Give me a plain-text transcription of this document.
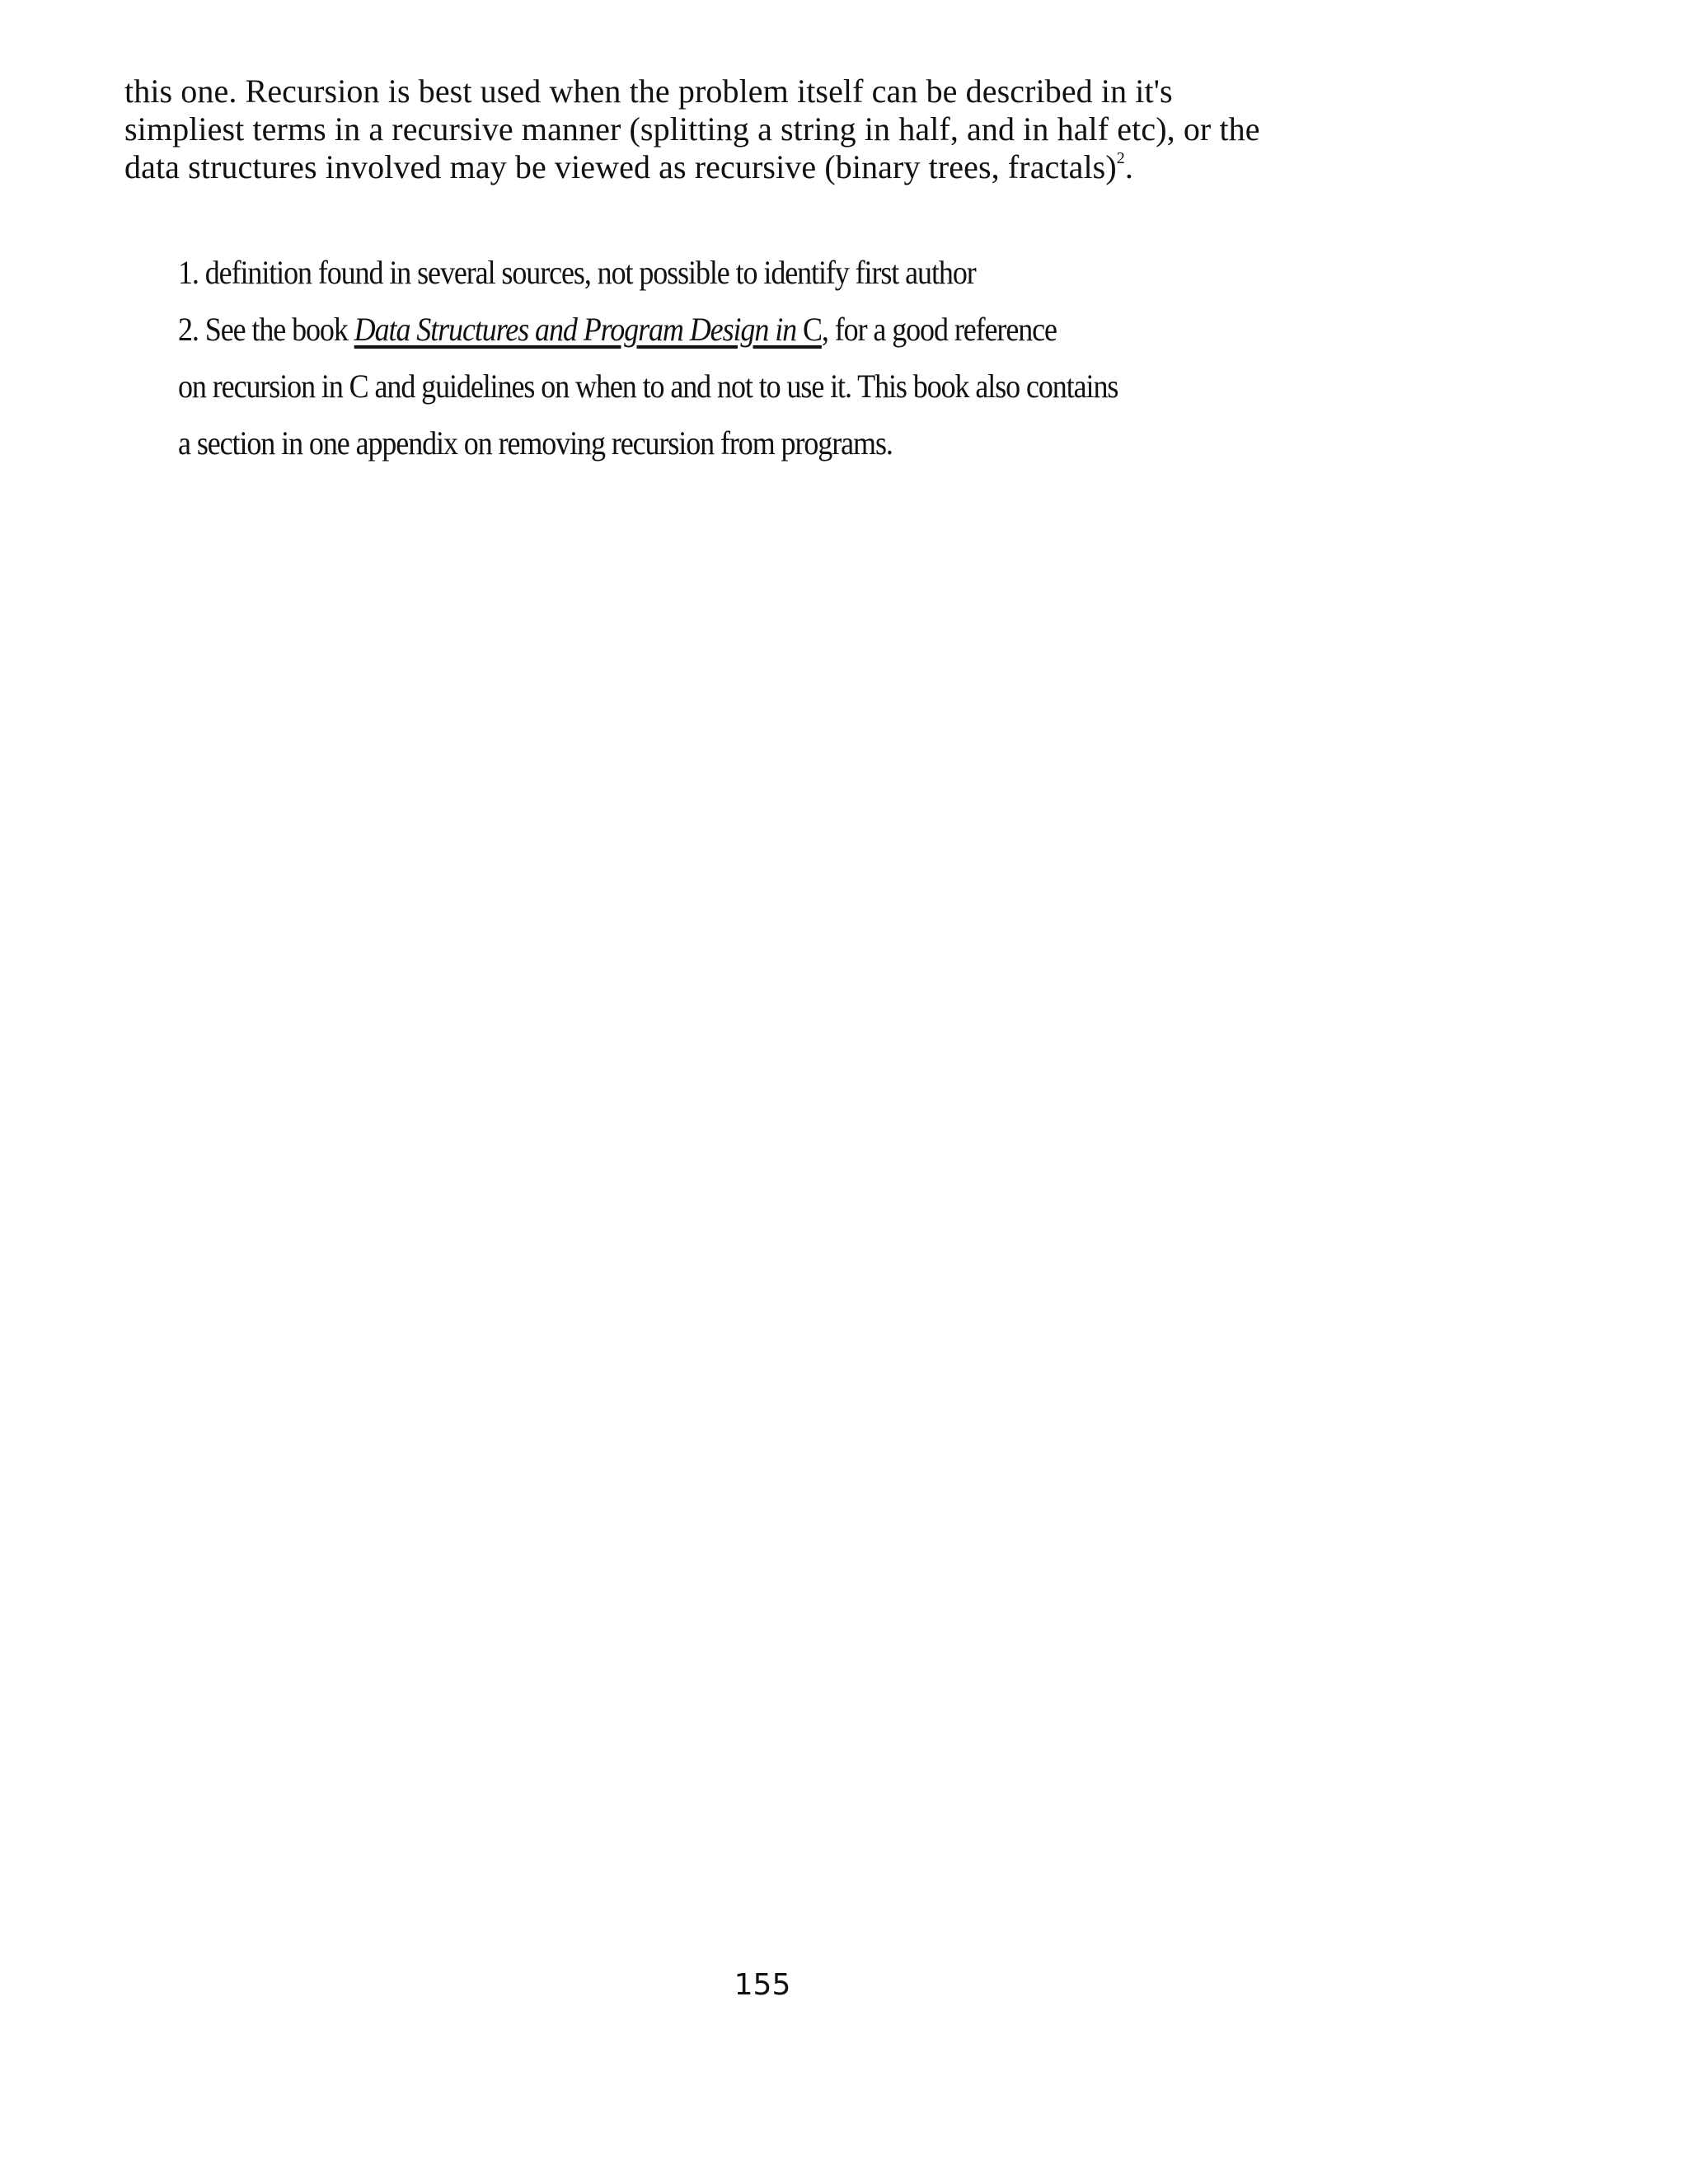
this one. Recursion is best used when the problem itself can be described in it's
simpliest terms in a recursive manner (splitting a string in half, and in half etc), or the
data structures involved may be viewed as recursive (binary trees, fractals)$^2$.
1. definition found in several sources, not possible to identify first author
2. See the book Data Structures and Program Design in C, for a good reference
on recursion in C and guidelines on when to and not to use it. This book also contains
a section in one appendix on removing recursion from programs.
155
